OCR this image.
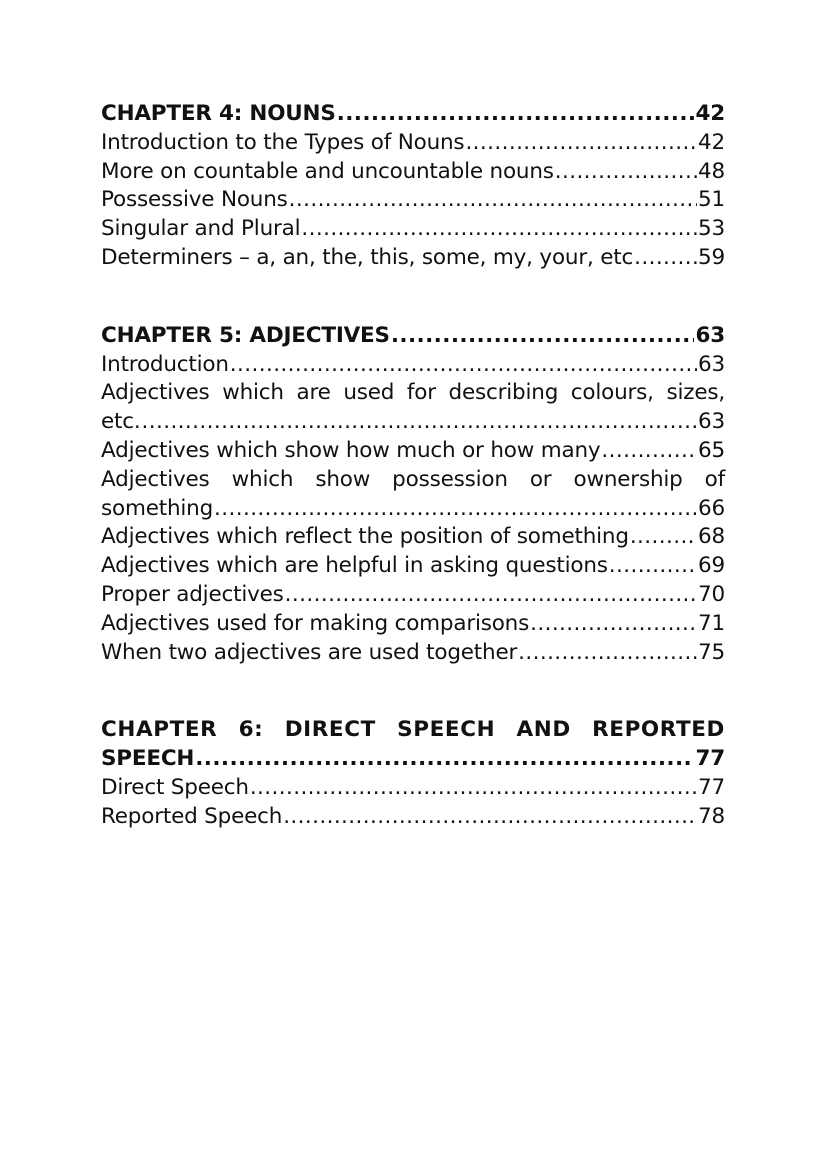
CHAPTER 4: NOUNS .....	42
Introduction to the Types of Nouns .....	42
More on countable and uncountable nouns .....	48
Possessive Nouns .....	51
Singular and Plural .....	53
Determiners – a, an, the, this, some, my, your, etc .....	59
CHAPTER 5: ADJECTIVES .....	63
Introduction .....	63
Adjectives which are used for describing colours, sizes,
etc. .....	63
Adjectives which show how much or how many .....	65
Adjectives which show possession or ownership of
something .....	66
Adjectives which reflect the position of something .....	68
Adjectives which are helpful in asking questions .....	69
Proper adjectives .....	70
Adjectives used for making comparisons .....	71
When two adjectives are used together .....	75
CHAPTER 6: DIRECT SPEECH AND REPORTED
SPEECH .....	77
Direct Speech .....	77
Reported Speech .....	78
